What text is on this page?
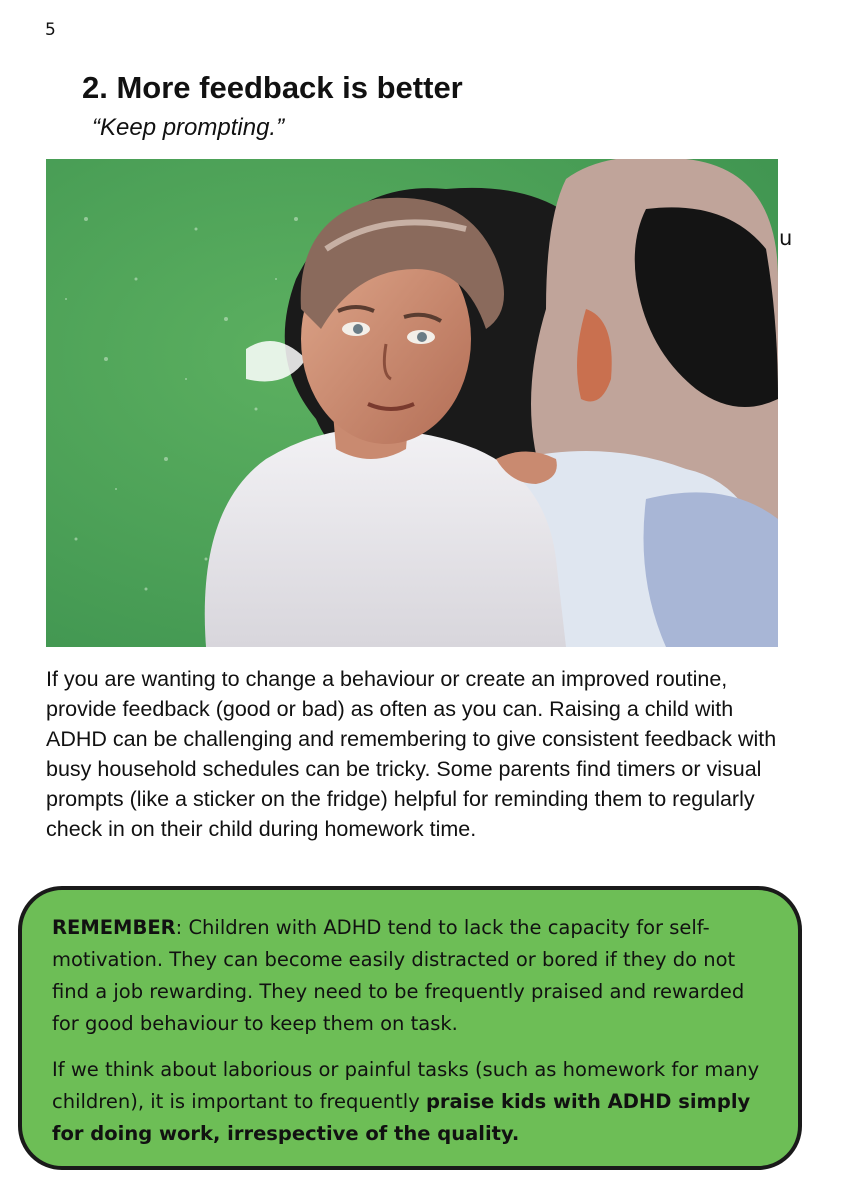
5
2. More feedback is better
“Keep prompting.”
u

If you are wanting to change a behaviour or create an improved routine, provide feedback (good or bad) as often as you can. Raising a child with ADHD can be challenging and remembering to give consistent feedback with busy household schedules can be tricky. Some parents find timers or visual prompts (like a sticker on the fridge) helpful for reminding them to regularly check in on their child during homework time.

REMEMBER: Children with ADHD tend to lack the capacity for self-motivation. They can become easily distracted or bored if they do not find a job rewarding. They need to be frequently praised and rewarded for good behaviour to keep them on task.

If we think about laborious or painful tasks (such as homework for many children), it is important to frequently praise kids with ADHD simply for doing work, irrespective of the quality.
